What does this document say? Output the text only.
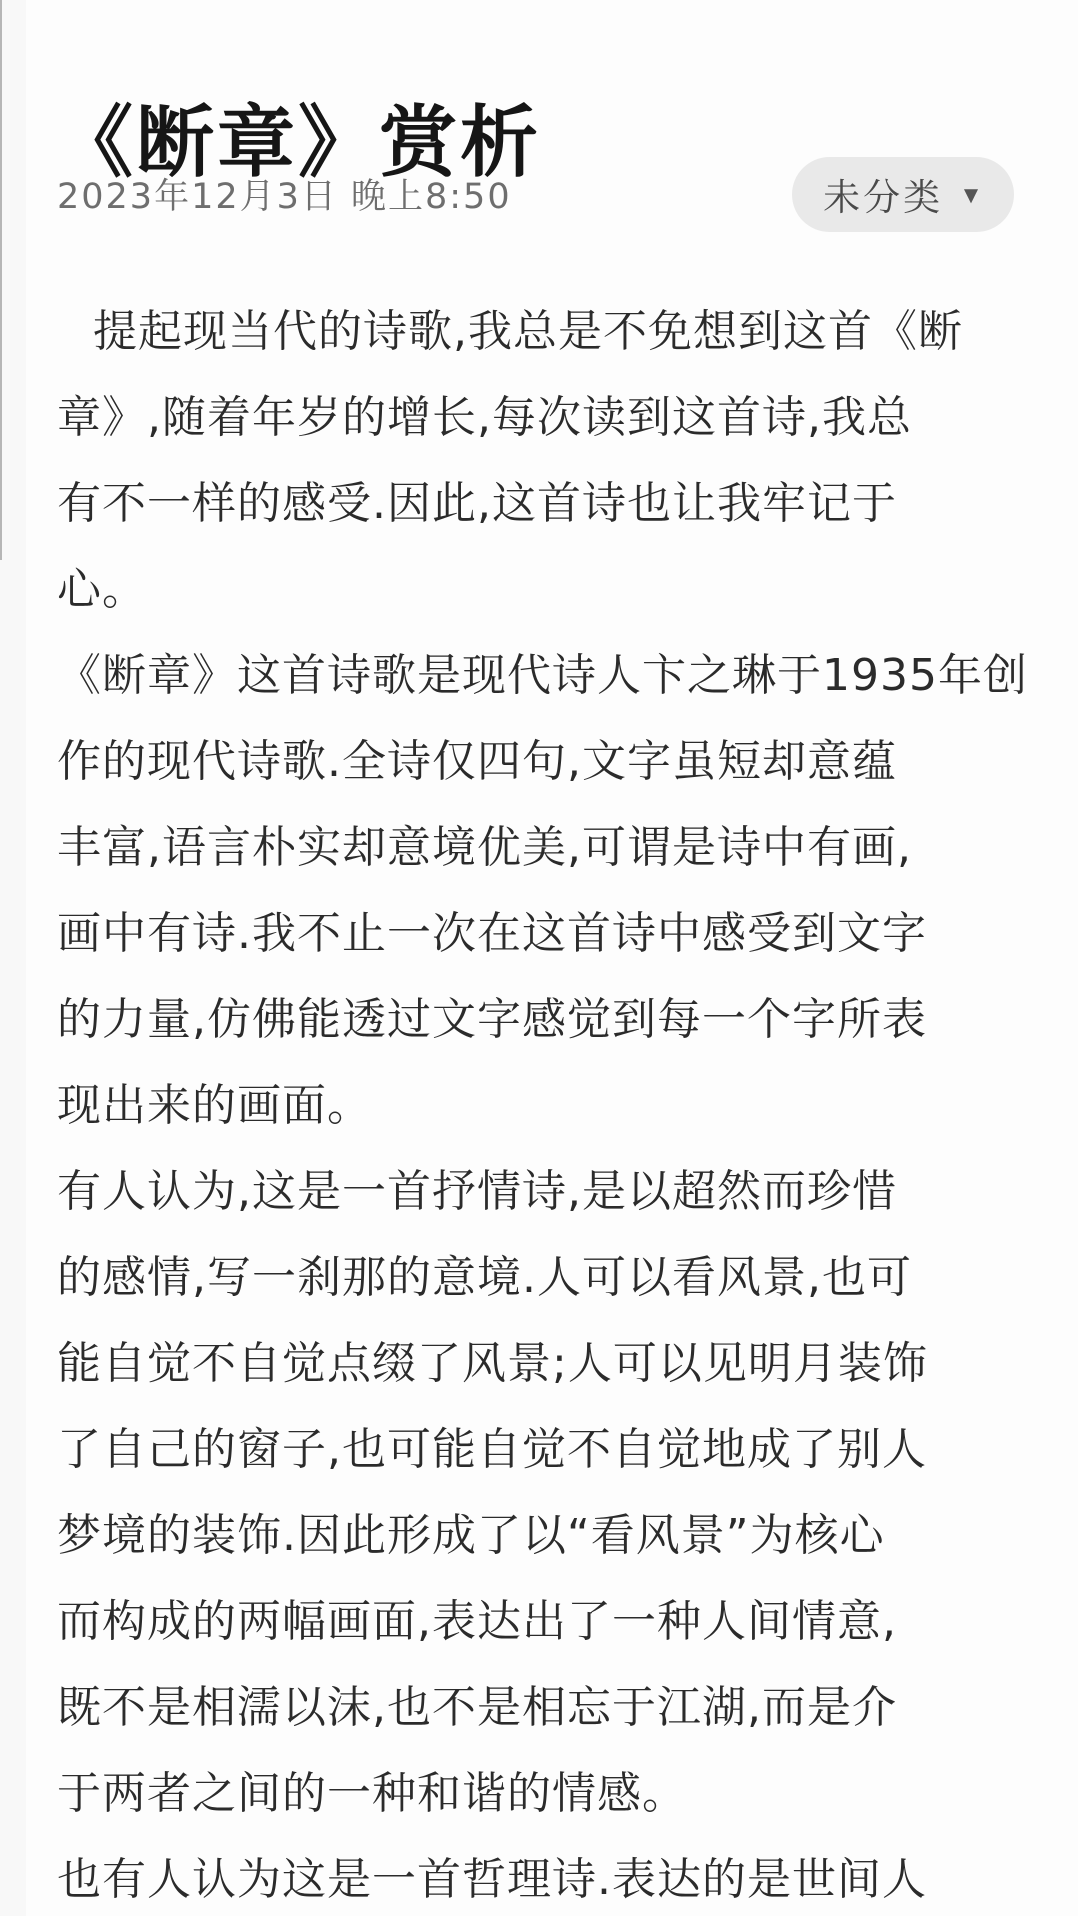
《断章》赏析
2023年12月3日 晚上8:50	未分类 ▼
提起现当代的诗歌,我总是不免想到这首《断
章》,随着年岁的增长,每次读到这首诗,我总
有不一样的感受.因此,这首诗也让我牢记于
心。
《断章》这首诗歌是现代诗人卞之琳于1935年创
作的现代诗歌.全诗仅四句,文字虽短却意蕴
丰富,语言朴实却意境优美,可谓是诗中有画,
画中有诗.我不止一次在这首诗中感受到文字
的力量,仿佛能透过文字感觉到每一个字所表
现出来的画面。
有人认为,这是一首抒情诗,是以超然而珍惜
的感情,写一刹那的意境.人可以看风景,也可
能自觉不自觉点缀了风景;人可以见明月装饰
了自己的窗子,也可能自觉不自觉地成了别人
梦境的装饰.因此形成了以“看风景”为核心
而构成的两幅画面,表达出了一种人间情意,
既不是相濡以沫,也不是相忘于江湖,而是介
于两者之间的一种和谐的情感。
也有人认为这是一首哲理诗.表达的是世间人
